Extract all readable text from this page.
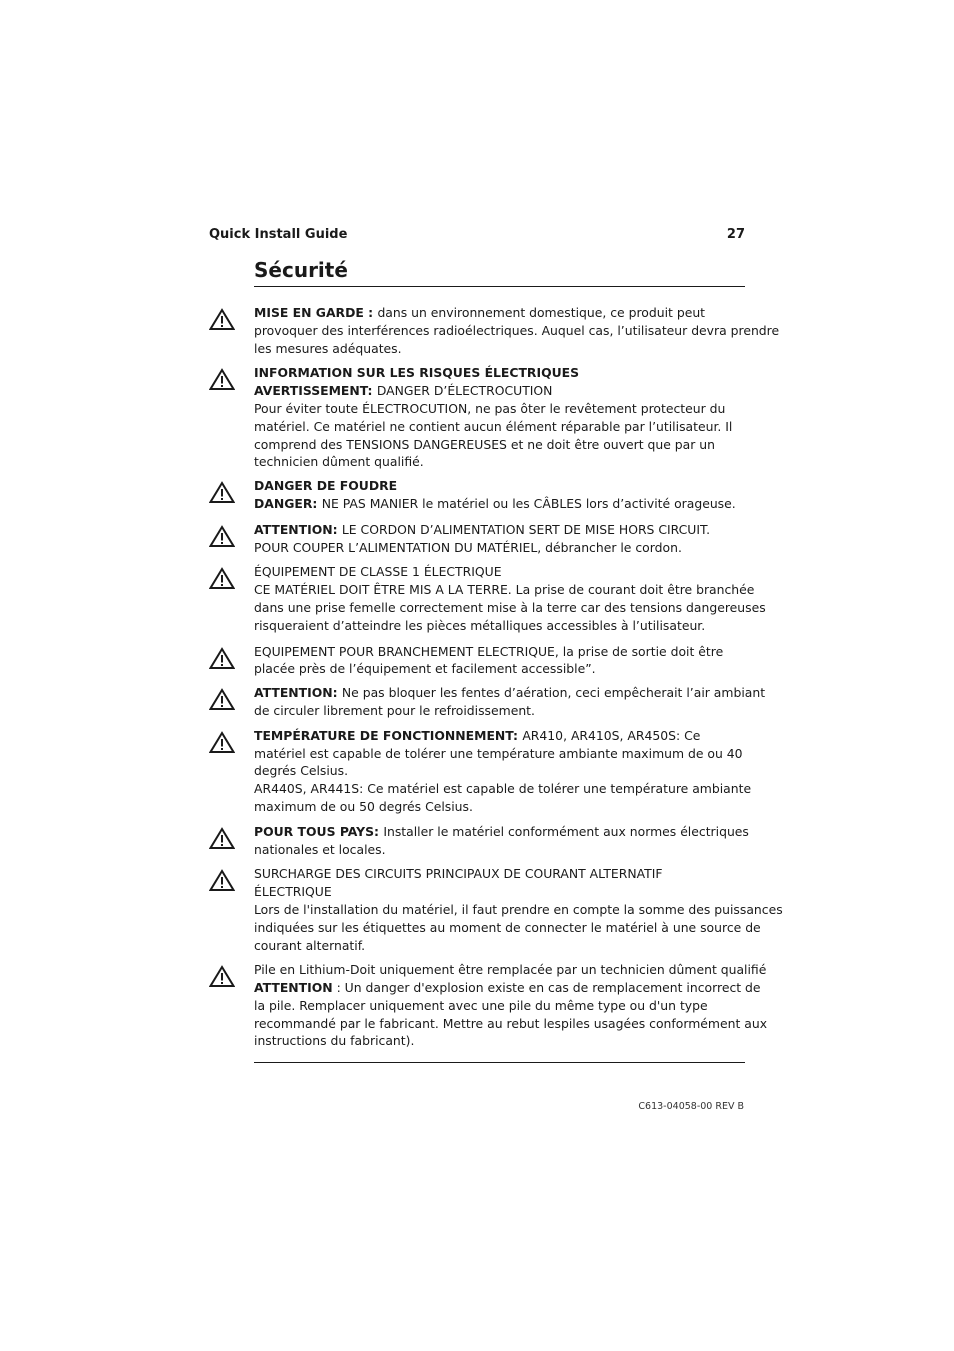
Quick Install Guide	27
Sécurité
MISE EN GARDE : dans un environnement domestique, ce produit peut
provoquer des interférences radioélectriques. Auquel cas, l’utilisateur devra prendre
les mesures adéquates.
INFORMATION SUR LES RISQUES ÉLECTRIQUES
AVERTISSEMENT: DANGER D’ÉLECTROCUTION
Pour éviter toute ÉLECTROCUTION, ne pas ôter le revêtement protecteur du
matériel. Ce matériel ne contient aucun élément réparable par l’utilisateur. Il
comprend des TENSIONS DANGEREUSES et ne doit être ouvert que par un
technicien dûment qualifié.
DANGER DE FOUDRE
DANGER: NE PAS MANIER le matériel ou les CÂBLES lors d’activité orageuse.
ATTENTION: LE CORDON D’ALIMENTATION SERT DE MISE HORS CIRCUIT.
POUR COUPER L’ALIMENTATION DU MATÉRIEL, débrancher le cordon.
ÉQUIPEMENT DE CLASSE 1 ÉLECTRIQUE
CE MATÉRIEL DOIT ÊTRE MIS A LA TERRE. La prise de courant doit être branchée
dans une prise femelle correctement mise à la terre car des tensions dangereuses
risqueraient d’atteindre les pièces métalliques accessibles à l’utilisateur.
EQUIPEMENT POUR BRANCHEMENT ELECTRIQUE, la prise de sortie doit être
placée près de l’équipement et facilement accessible”.
ATTENTION: Ne pas bloquer les fentes d’aération, ceci empêcherait l’air ambiant
de circuler librement pour le refroidissement.
TEMPÉRATURE DE FONCTIONNEMENT: AR410, AR410S, AR450S: Ce
matériel est capable de tolérer une température ambiante maximum de ou 40
degrés Celsius.
AR440S, AR441S: Ce matériel est capable de tolérer une température ambiante
maximum de ou 50 degrés Celsius.
POUR TOUS PAYS: Installer le matériel conformément aux normes électriques
nationales et locales.
SURCHARGE DES CIRCUITS PRINCIPAUX DE COURANT ALTERNATIF
ÉLECTRIQUE
Lors de l'installation du matériel, il faut prendre en compte la somme des puissances
indiquées sur les étiquettes au moment de connecter le matériel à une source de
courant alternatif.
Pile en Lithium-Doit uniquement être remplacée par un technicien dûment qualifié
ATTENTION : Un danger d'explosion existe en cas de remplacement incorrect de
la pile. Remplacer uniquement avec une pile du même type ou d'un type
recommandé par le fabricant. Mettre au rebut lespiles usagées conformément aux
instructions du fabricant).
C613-04058-00 REV B
